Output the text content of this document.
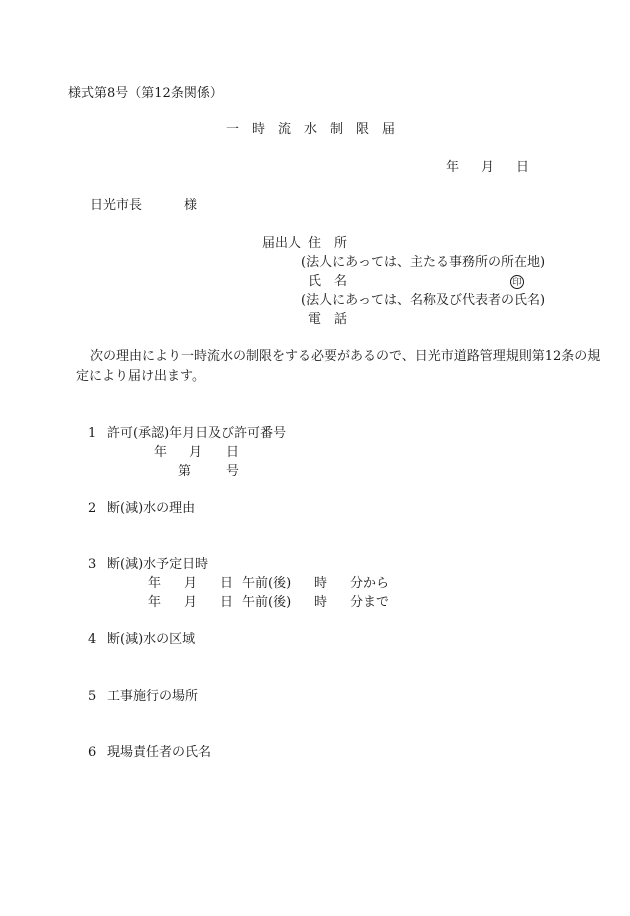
様式第8号（第12条関係）
一　時　流　水　制　限　届
年 月 日
日光市長	様
届出人 住　所
(法人にあっては、主たる事務所の所在地)
氏　名	印
(法人にあっては、名称及び代表者の氏名)
電　話
次の理由により一時流水の制限をする必要があるので、日光市道路管理規則第12条の規
定により届け出ます。
1 許可(承認)年月日及び許可番号
年 月 日
第	号
2 断(減)水の理由
3 断(減)水予定日時
年 月 日 午前(後) 時 分から
年 月 日 午前(後) 時 分まで
4 断(減)水の区域
5 工事施行の場所
6 現場責任者の氏名
